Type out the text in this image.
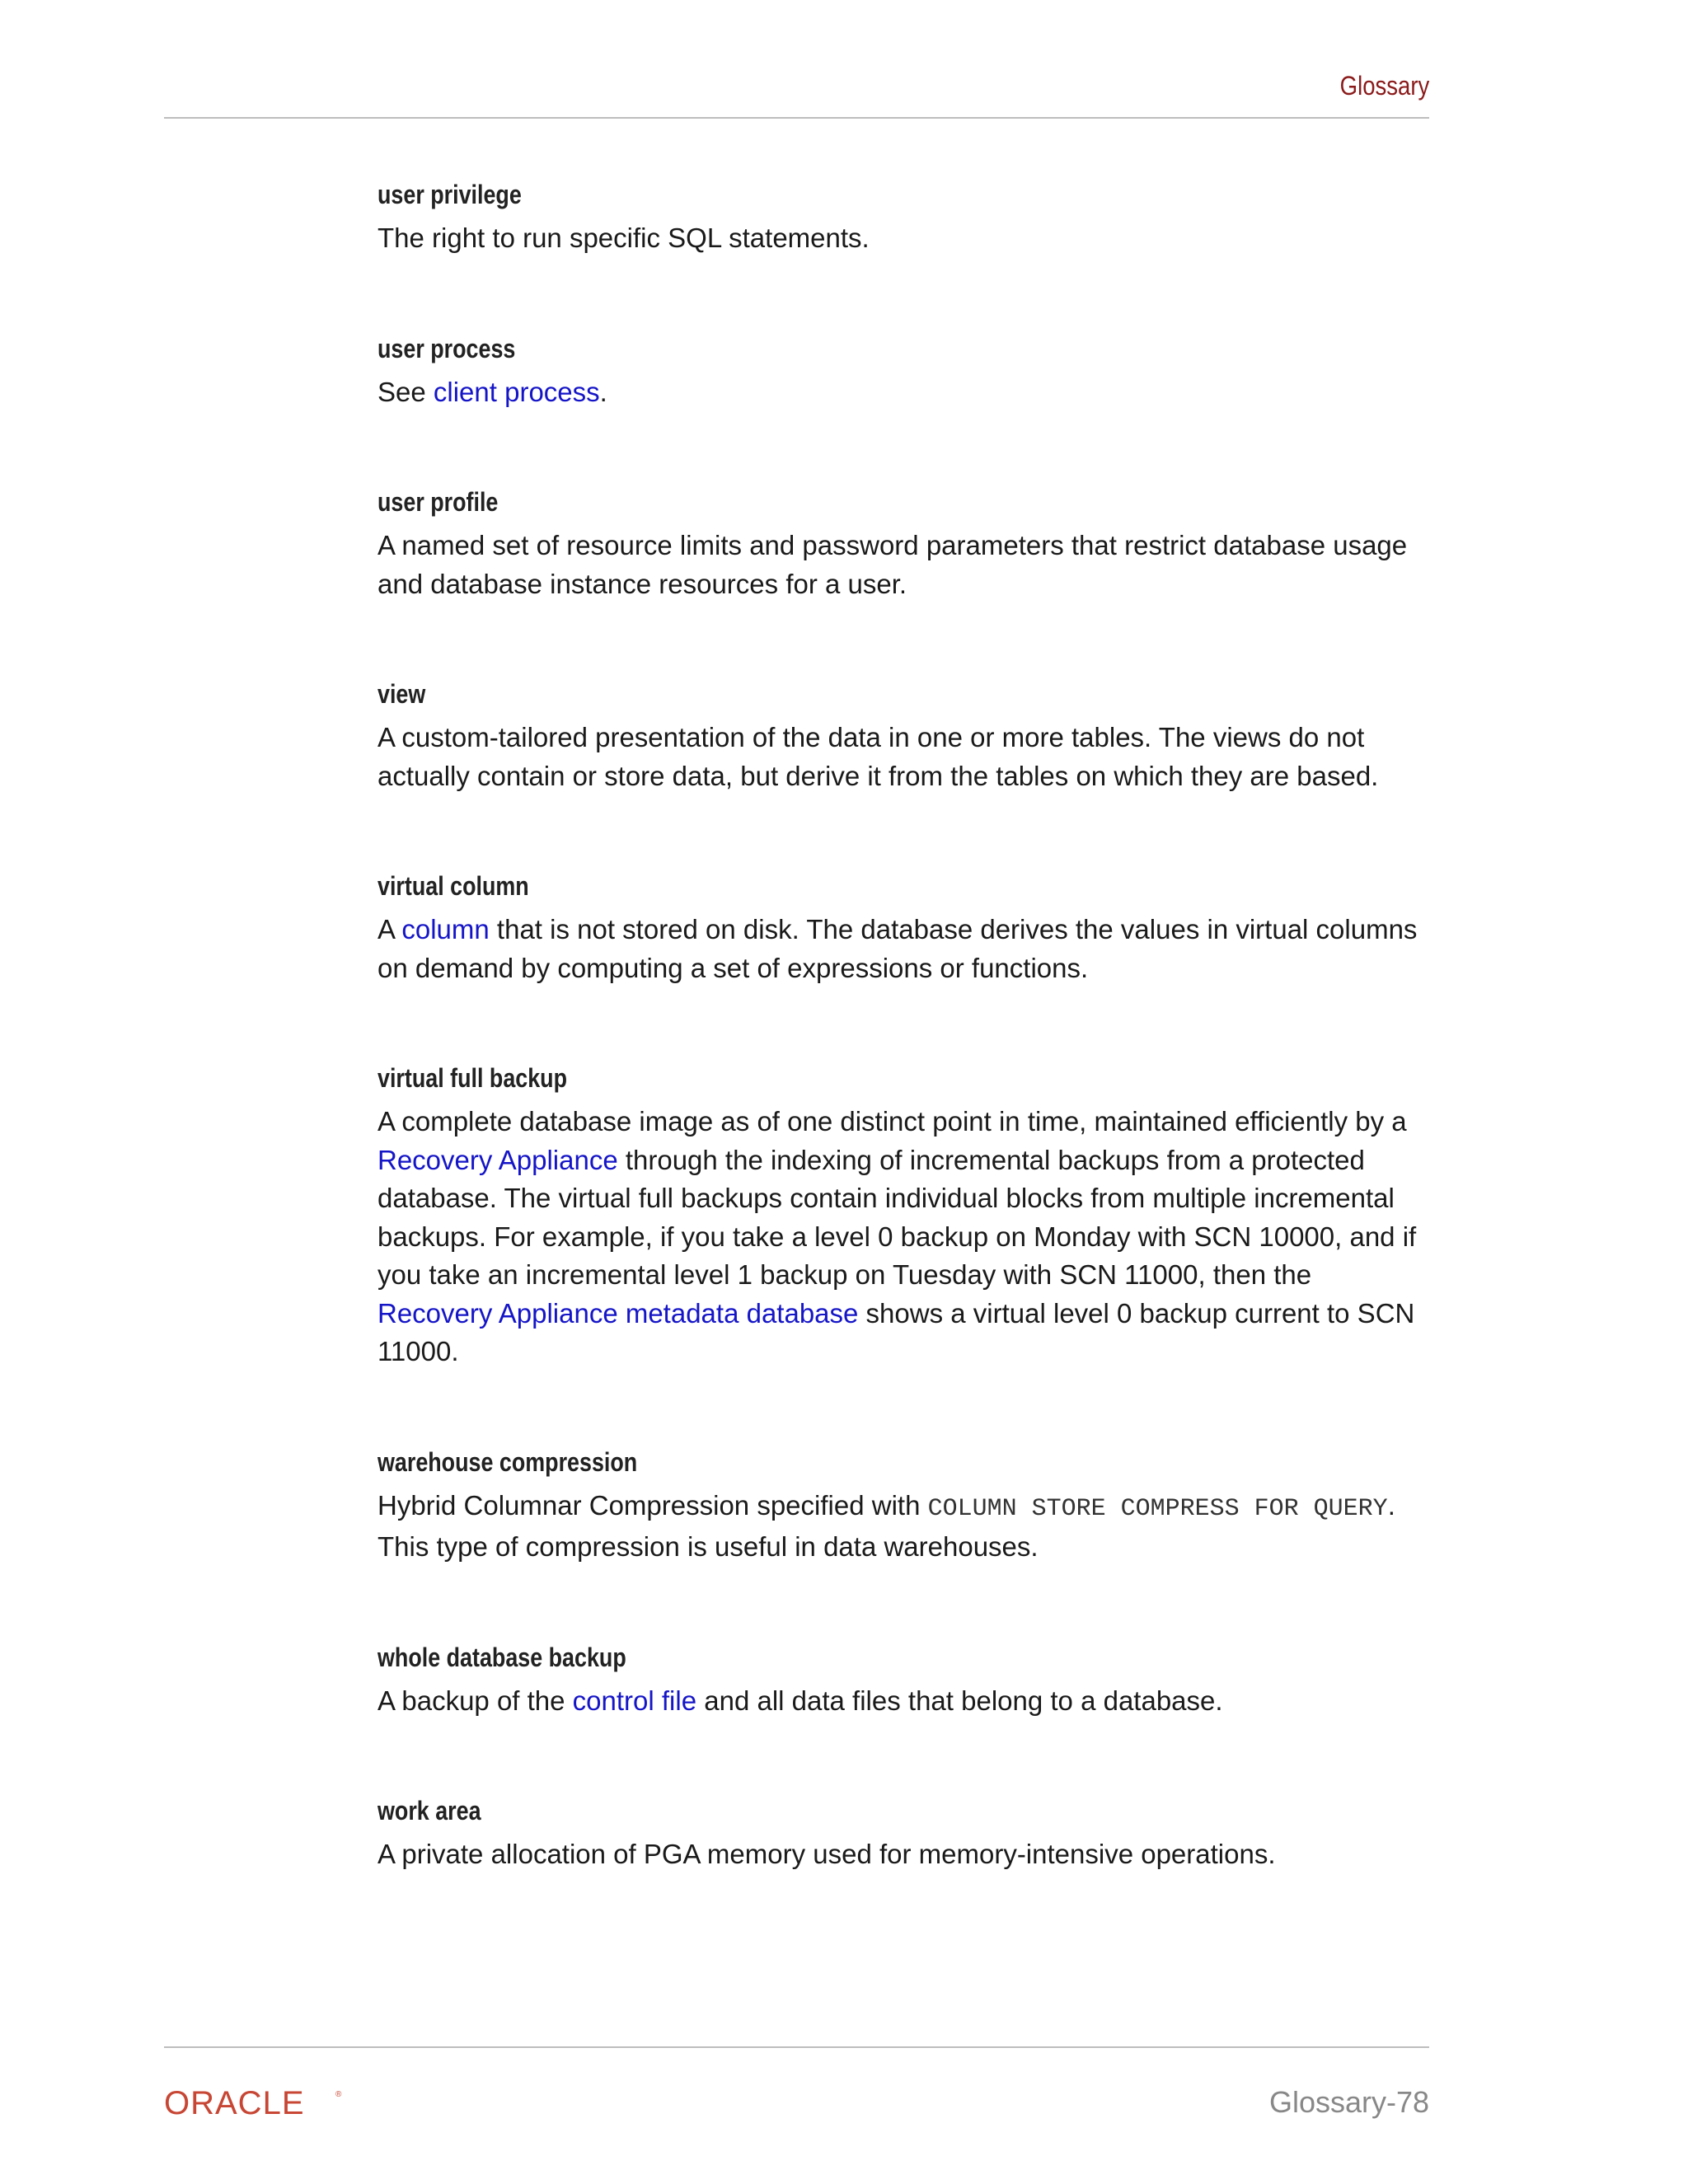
Glossary
user privilege
The right to run specific SQL statements.
user process
See client process.
user profile
A named set of resource limits and password parameters that restrict database usage and database instance resources for a user.
view
A custom-tailored presentation of the data in one or more tables. The views do not actually contain or store data, but derive it from the tables on which they are based.
virtual column
A column that is not stored on disk. The database derives the values in virtual columns on demand by computing a set of expressions or functions.
virtual full backup
A complete database image as of one distinct point in time, maintained efficiently by a Recovery Appliance through the indexing of incremental backups from a protected database. The virtual full backups contain individual blocks from multiple incremental backups. For example, if you take a level 0 backup on Monday with SCN 10000, and if you take an incremental level 1 backup on Tuesday with SCN 11000, then the Recovery Appliance metadata database shows a virtual level 0 backup current to SCN 11000.
warehouse compression
Hybrid Columnar Compression specified with COLUMN STORE COMPRESS FOR QUERY. This type of compression is useful in data warehouses.
whole database backup
A backup of the control file and all data files that belong to a database.
work area
A private allocation of PGA memory used for memory-intensive operations.
ORACLE	®	Glossary-78
